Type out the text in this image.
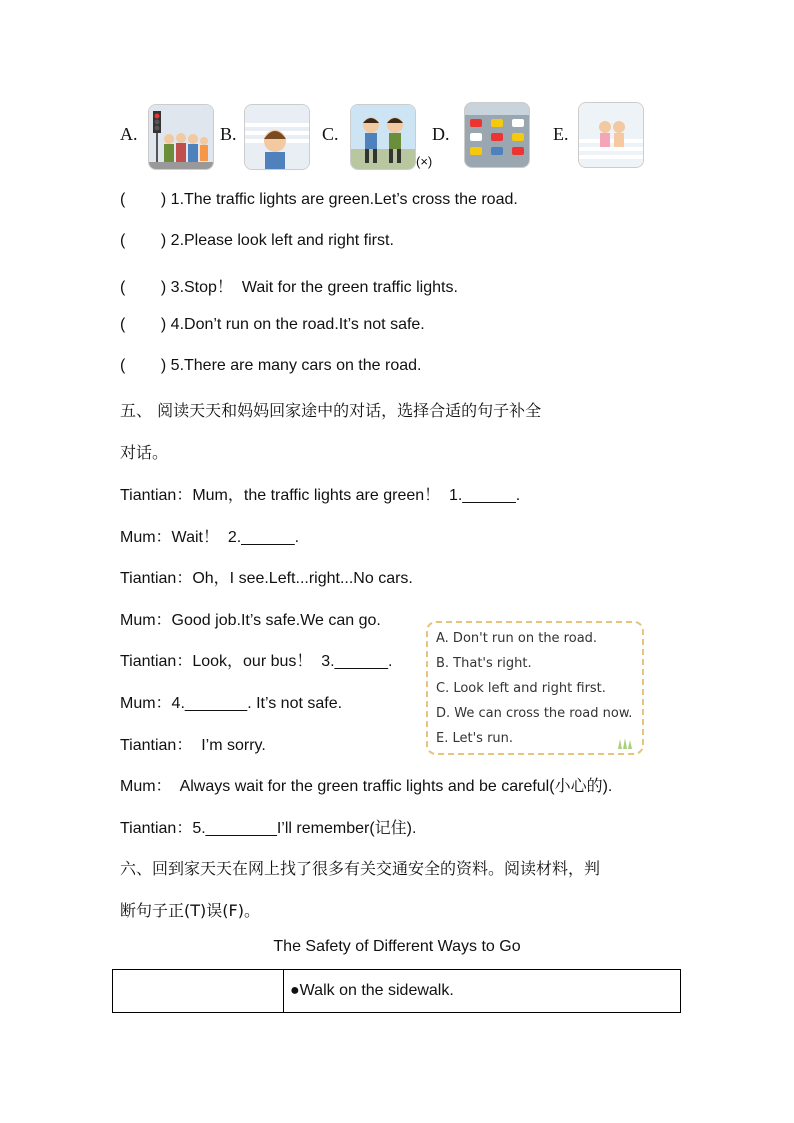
A.	B.	C.	D.
(×)
E.
(        ) 1.The traffic lights are green.Let’s cross the road.
(        ) 2.Please look left and right first.
(        ) 3.Stop！  Wait for the green traffic lights.
(        ) 4.Don’t run on the road.It’s not safe.
(        ) 5.There are many cars on the road.
五、 阅读天天和妈妈回家途中的对话，选择合适的句子补全
对话。
Tiantian：Mum，the traffic lights are green！  1.______.
Mum：Wait！  2.______.
Tiantian：Oh，I see.Left...right...No cars.
Mum：Good job.It’s safe.We can go.
Tiantian：Look，our bus！  3.______.
Mum：4._______. It’s not safe.
Tiantian：  I’m sorry.
Mum：  Always wait for the green traffic lights and be careful(小心的).
Tiantian：5.________I’ll remember(记住).
A. Don't run on the road.
B. That's right.
C. Look left and right first.
D. We can cross the road now.
E. Let's run.
六、回到家天天在网上找了很多有关交通安全的资料。阅读材料，判
断句子正(T)误(F)。
The Safety of Different Ways to Go
	●Walk on the sidewalk.
